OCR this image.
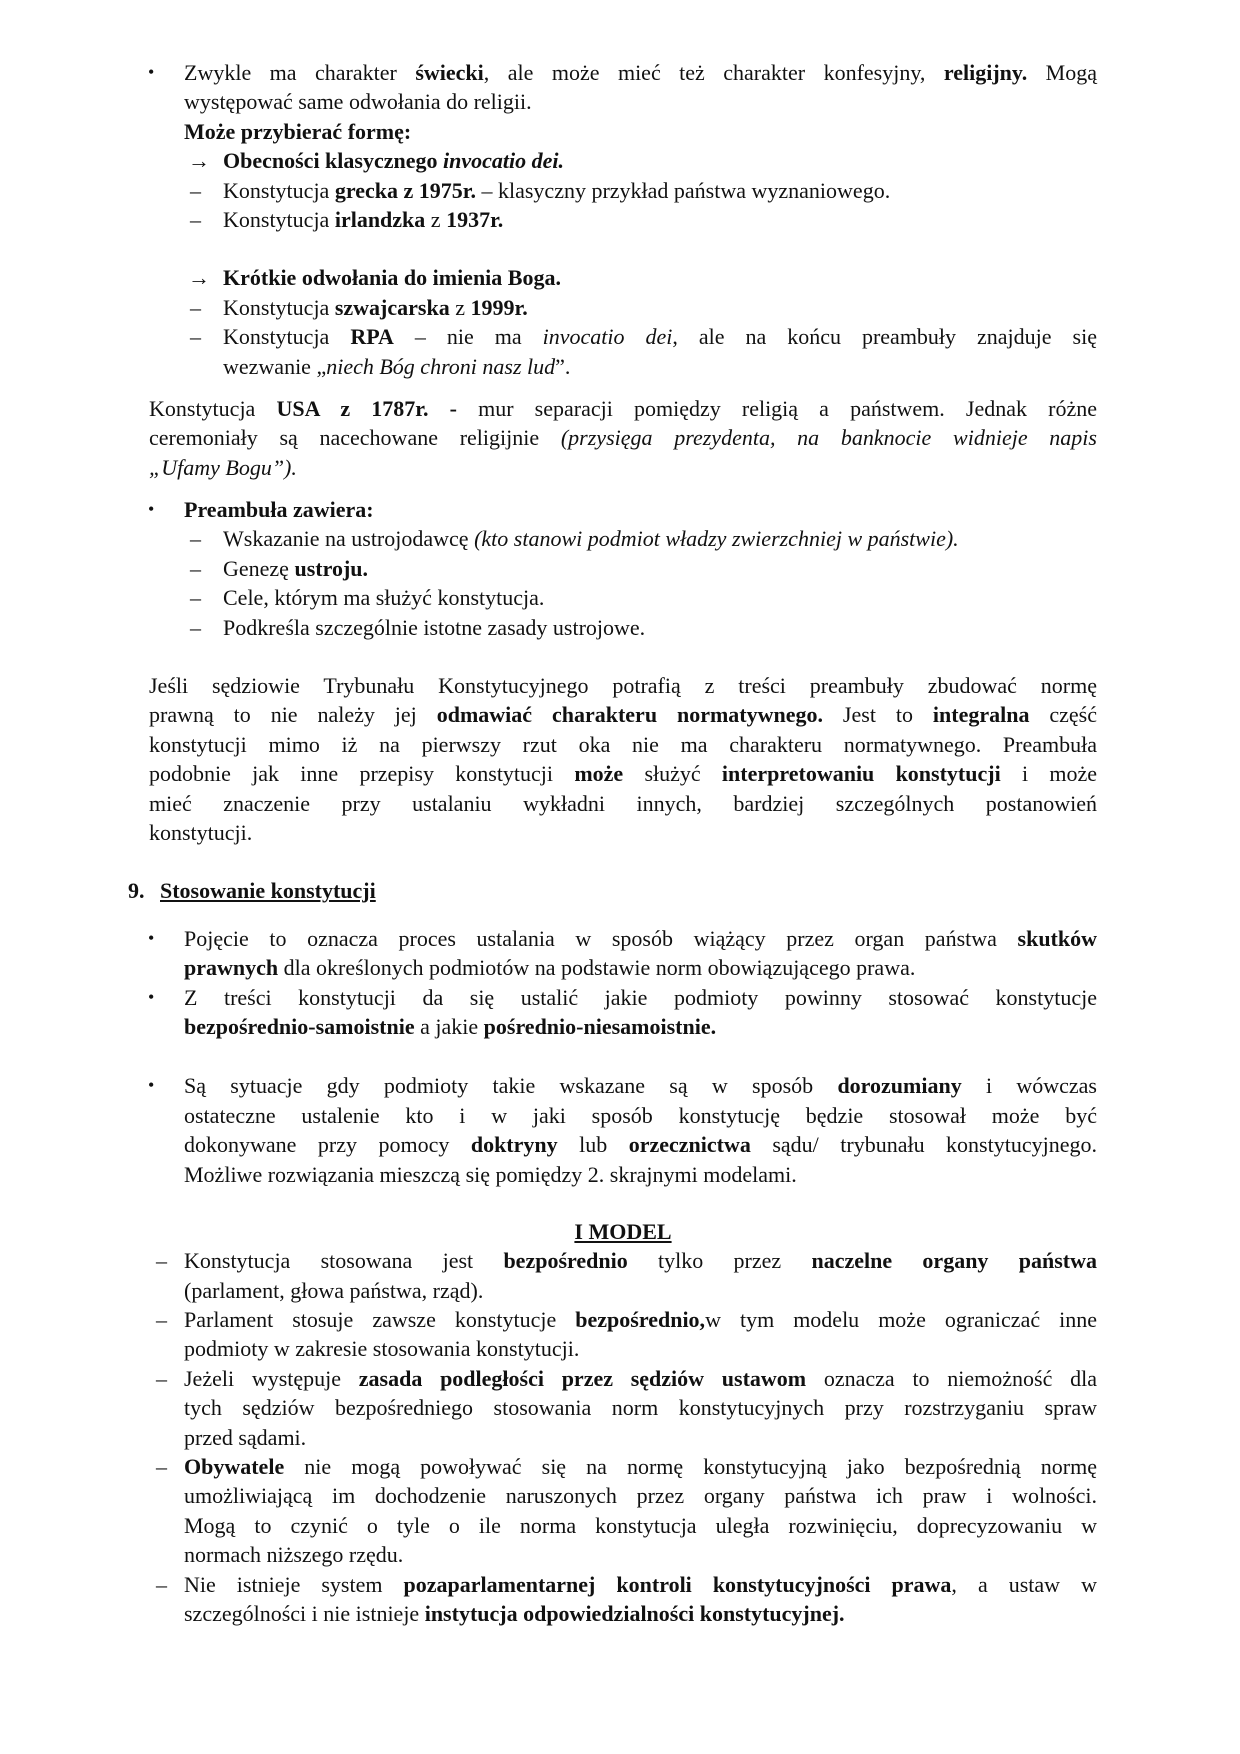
• Zwykle ma charakter świecki, ale może mieć też charakter konfesyjny, religijny. Mogą
występować same odwołania do religii.
Może przybierać formę:
→ Obecności klasycznego invocatio dei.
– Konstytucja grecka z 1975r. – klasyczny przykład państwa wyznaniowego.
– Konstytucja irlandzka z 1937r.
→ Krótkie odwołania do imienia Boga.
– Konstytucja szwajcarska z 1999r.
– Konstytucja RPA – nie ma invocatio dei, ale na końcu preambuły znajduje się
wezwanie „niech Bóg chroni nasz lud”.
Konstytucja USA z 1787r. - mur separacji pomiędzy religią a państwem. Jednak różne
ceremoniały są nacechowane religijnie (przysięga prezydenta, na banknocie widnieje napis
„Ufamy Bogu”).
• Preambuła zawiera:
– Wskazanie na ustrojodawcę (kto stanowi podmiot władzy zwierzchniej w państwie).
– Genezę ustroju.
– Cele, którym ma służyć konstytucja.
– Podkreśla szczególnie istotne zasady ustrojowe.
Jeśli sędziowie Trybunału Konstytucyjnego potrafią z treści preambuły zbudować normę
prawną to nie należy jej odmawiać charakteru normatywnego. Jest to integralna część
konstytucji mimo iż na pierwszy rzut oka nie ma charakteru normatywnego. Preambuła
podobnie jak inne przepisy konstytucji może służyć interpretowaniu konstytucji i może
mieć znaczenie przy ustalaniu wykładni innych, bardziej szczególnych postanowień
konstytucji.
9. Stosowanie konstytucji
• Pojęcie to oznacza proces ustalania w sposób wiążący przez organ państwa skutków
prawnych dla określonych podmiotów na podstawie norm obowiązującego prawa.
• Z treści konstytucji da się ustalić jakie podmioty powinny stosować konstytucje
bezpośrednio-samoistnie a jakie pośrednio-niesamoistnie.
• Są sytuacje gdy podmioty takie wskazane są w sposób dorozumiany i wówczas
ostateczne ustalenie kto i w jaki sposób konstytucję będzie stosował może być
dokonywane przy pomocy doktryny lub orzecznictwa sądu/ trybunału konstytucyjnego.
Możliwe rozwiązania mieszczą się pomiędzy 2. skrajnymi modelami.
I MODEL
– Konstytucja stosowana jest bezpośrednio tylko przez naczelne organy państwa
(parlament, głowa państwa, rząd).
– Parlament stosuje zawsze konstytucje bezpośrednio,w tym modelu może ograniczać inne
podmioty w zakresie stosowania konstytucji.
– Jeżeli występuje zasada podległości przez sędziów ustawom oznacza to niemożność dla
tych sędziów bezpośredniego stosowania norm konstytucyjnych przy rozstrzyganiu spraw
przed sądami.
– Obywatele nie mogą powoływać się na normę konstytucyjną jako bezpośrednią normę
umożliwiającą im dochodzenie naruszonych przez organy państwa ich praw i wolności.
Mogą to czynić o tyle o ile norma konstytucja uległa rozwinięciu, doprecyzowaniu w
normach niższego rzędu.
– Nie istnieje system pozaparlamentarnej kontroli konstytucyjności prawa, a ustaw w
szczególności i nie istnieje instytucja odpowiedzialności konstytucyjnej.
